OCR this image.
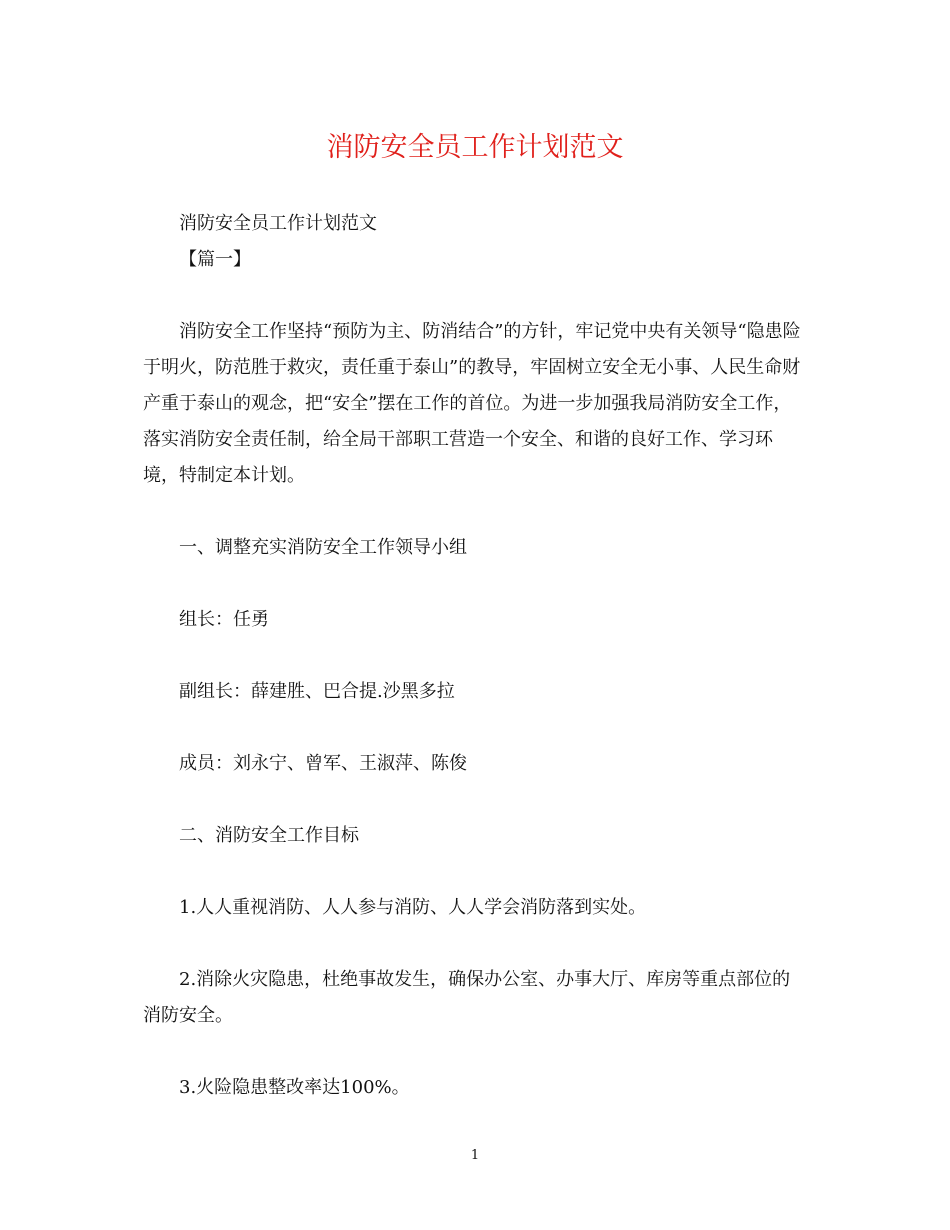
消防安全员工作计划范文

消防安全员工作计划范文

【篇一】

消防安全工作坚持“预防为主、防消结合”的方针，牢记党中央有关领导“隐患险于明火，防范胜于救灾，责任重于泰山”的教导，牢固树立安全无小事、人民生命财产重于泰山的观念，把“安全”摆在工作的首位。为进一步加强我局消防安全工作，落实消防安全责任制，给全局干部职工营造一个安全、和谐的良好工作、学习环境，特制定本计划。

一、调整充实消防安全工作领导小组

组长：任勇

副组长：薛建胜、巴合提.沙黑多拉

成员：刘永宁、曾军、王淑萍、陈俊

二、消防安全工作目标

1.人人重视消防、人人参与消防、人人学会消防落到实处。

2.消除火灾隐患，杜绝事故发生，确保办公室、办事大厅、库房等重点部位的消防安全。

3.火险隐患整改率达100%。

1
